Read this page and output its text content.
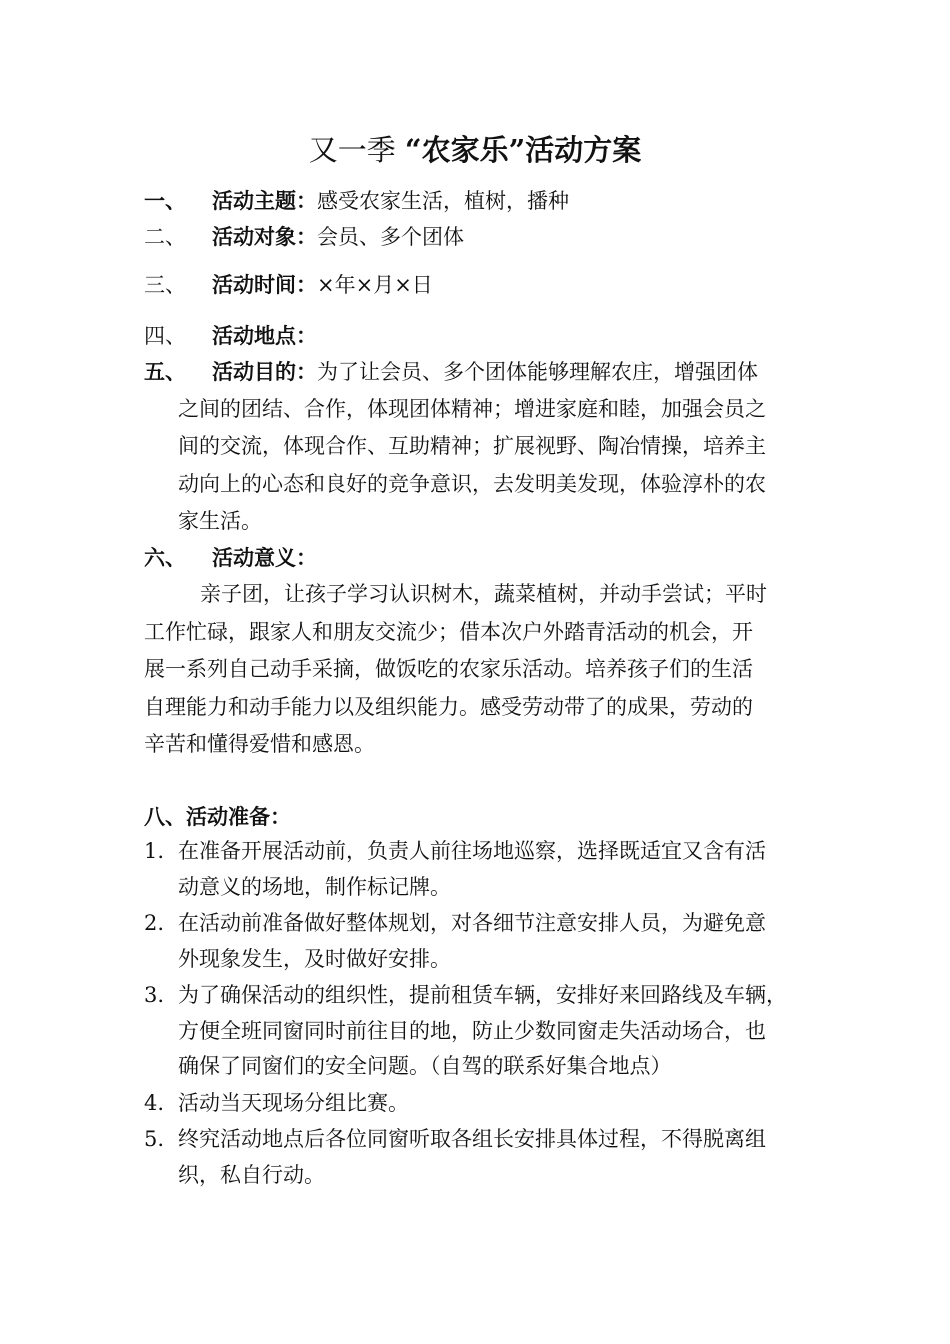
又一季 “农家乐”活动方案
一、 活动主题：感受农家生活，植树，播种
二、 活动对象：会员、多个团体
三、 活动时间：×年×月×日
四、 活动地点：
五、 活动目的：为了让会员、多个团体能够理解农庄，增强团体
之间的团结、合作，体现团体精神；增进家庭和睦，加强会员之
间的交流，体现合作、互助精神；扩展视野、陶冶情操，培养主
动向上的心态和良好的竞争意识，去发明美发现，体验淳朴的农
家生活。
六、 活动意义：
亲子团，让孩子学习认识树木，蔬菜植树，并动手尝试；平时
工作忙碌，跟家人和朋友交流少；借本次户外踏青活动的机会，开
展一系列自己动手采摘，做饭吃的农家乐活动。培养孩子们的生活
自理能力和动手能力以及组织能力。感受劳动带了的成果，劳动的
辛苦和懂得爱惜和感恩。
八、活动准备：
1. 在准备开展活动前，负责人前往场地巡察，选择既适宜又含有活
动意义的场地，制作标记牌。
2. 在活动前准备做好整体规划，对各细节注意安排人员，为避免意
外现象发生，及时做好安排。
3. 为了确保活动的组织性，提前租赁车辆，安排好来回路线及车辆，
方便全班同窗同时前往目的地，防止少数同窗走失活动场合，也
确保了同窗们的安全问题。（自驾的联系好集合地点）
4. 活动当天现场分组比赛。
5. 终究活动地点后各位同窗听取各组长安排具体过程，不得脱离组
织，私自行动。
